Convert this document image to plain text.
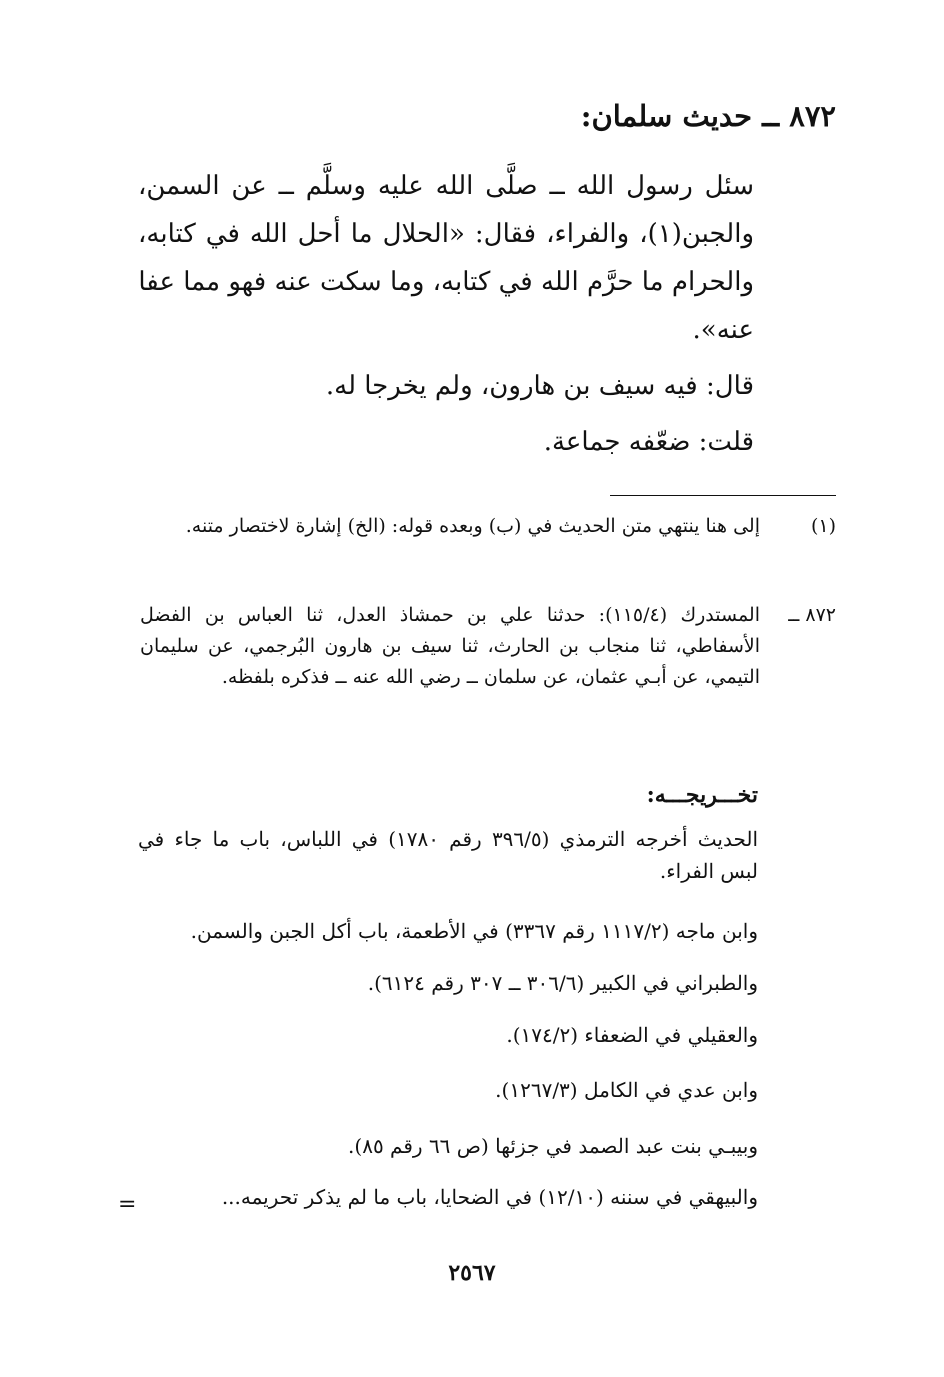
٨٧٢ ــ حديث سلمان:

سئل رسول الله ــ صلَّى الله عليه وسلَّم ــ عن السمن، والجبن(١)، والفراء، فقال: «الحلال ما أحل الله في كتابه، والحرام ما حرَّم الله في كتابه، وما سكت عنه فهو مما عفا

عنه».

قال: فيه سيف بن هارون، ولم يخرجا له.
قلت: ضعّفه جماعة.
(١)
إلى هنا ينتهي متن الحديث في (ب) وبعده قوله: (الخ) إشارة لاختصار متنه.
٨٧٢ ــ
المستدرك (١١٥/٤): حدثنا علي بن حمشاذ العدل، ثنا العباس بن الفضل الأسفاطي، ثنا منجاب بن الحارث، ثنا سيف بن هارون البُرجمي، عن سليمان التيمي، عن أبـي عثمان، عن سلمان ــ رضي الله عنه ــ فذكره بلفظه.
تخـــريجـــه:
الحديث أخرجه الترمذي (٣٩٦/٥ رقم ١٧٨٠) في اللباس، باب ما جاء في لبس الفراء.
وابن ماجه (١١١٧/٢ رقم ٣٣٦٧) في الأطعمة، باب أكل الجبن والسمن.
والطبراني في الكبير (٣٠٦/٦ ــ ٣٠٧ رقم ٦١٢٤).
والعقيلي في الضعفاء (١٧٤/٢).
وابن عدي في الكامل (١٢٦٧/٣).
وبيبـي بنت عبد الصمد في جزئها (ص ٦٦ رقم ٨٥).
والبيهقي في سننه (١٢/١٠) في الضحايا، باب ما لم يذكر تحريمه...
=
٢٥٦٧
